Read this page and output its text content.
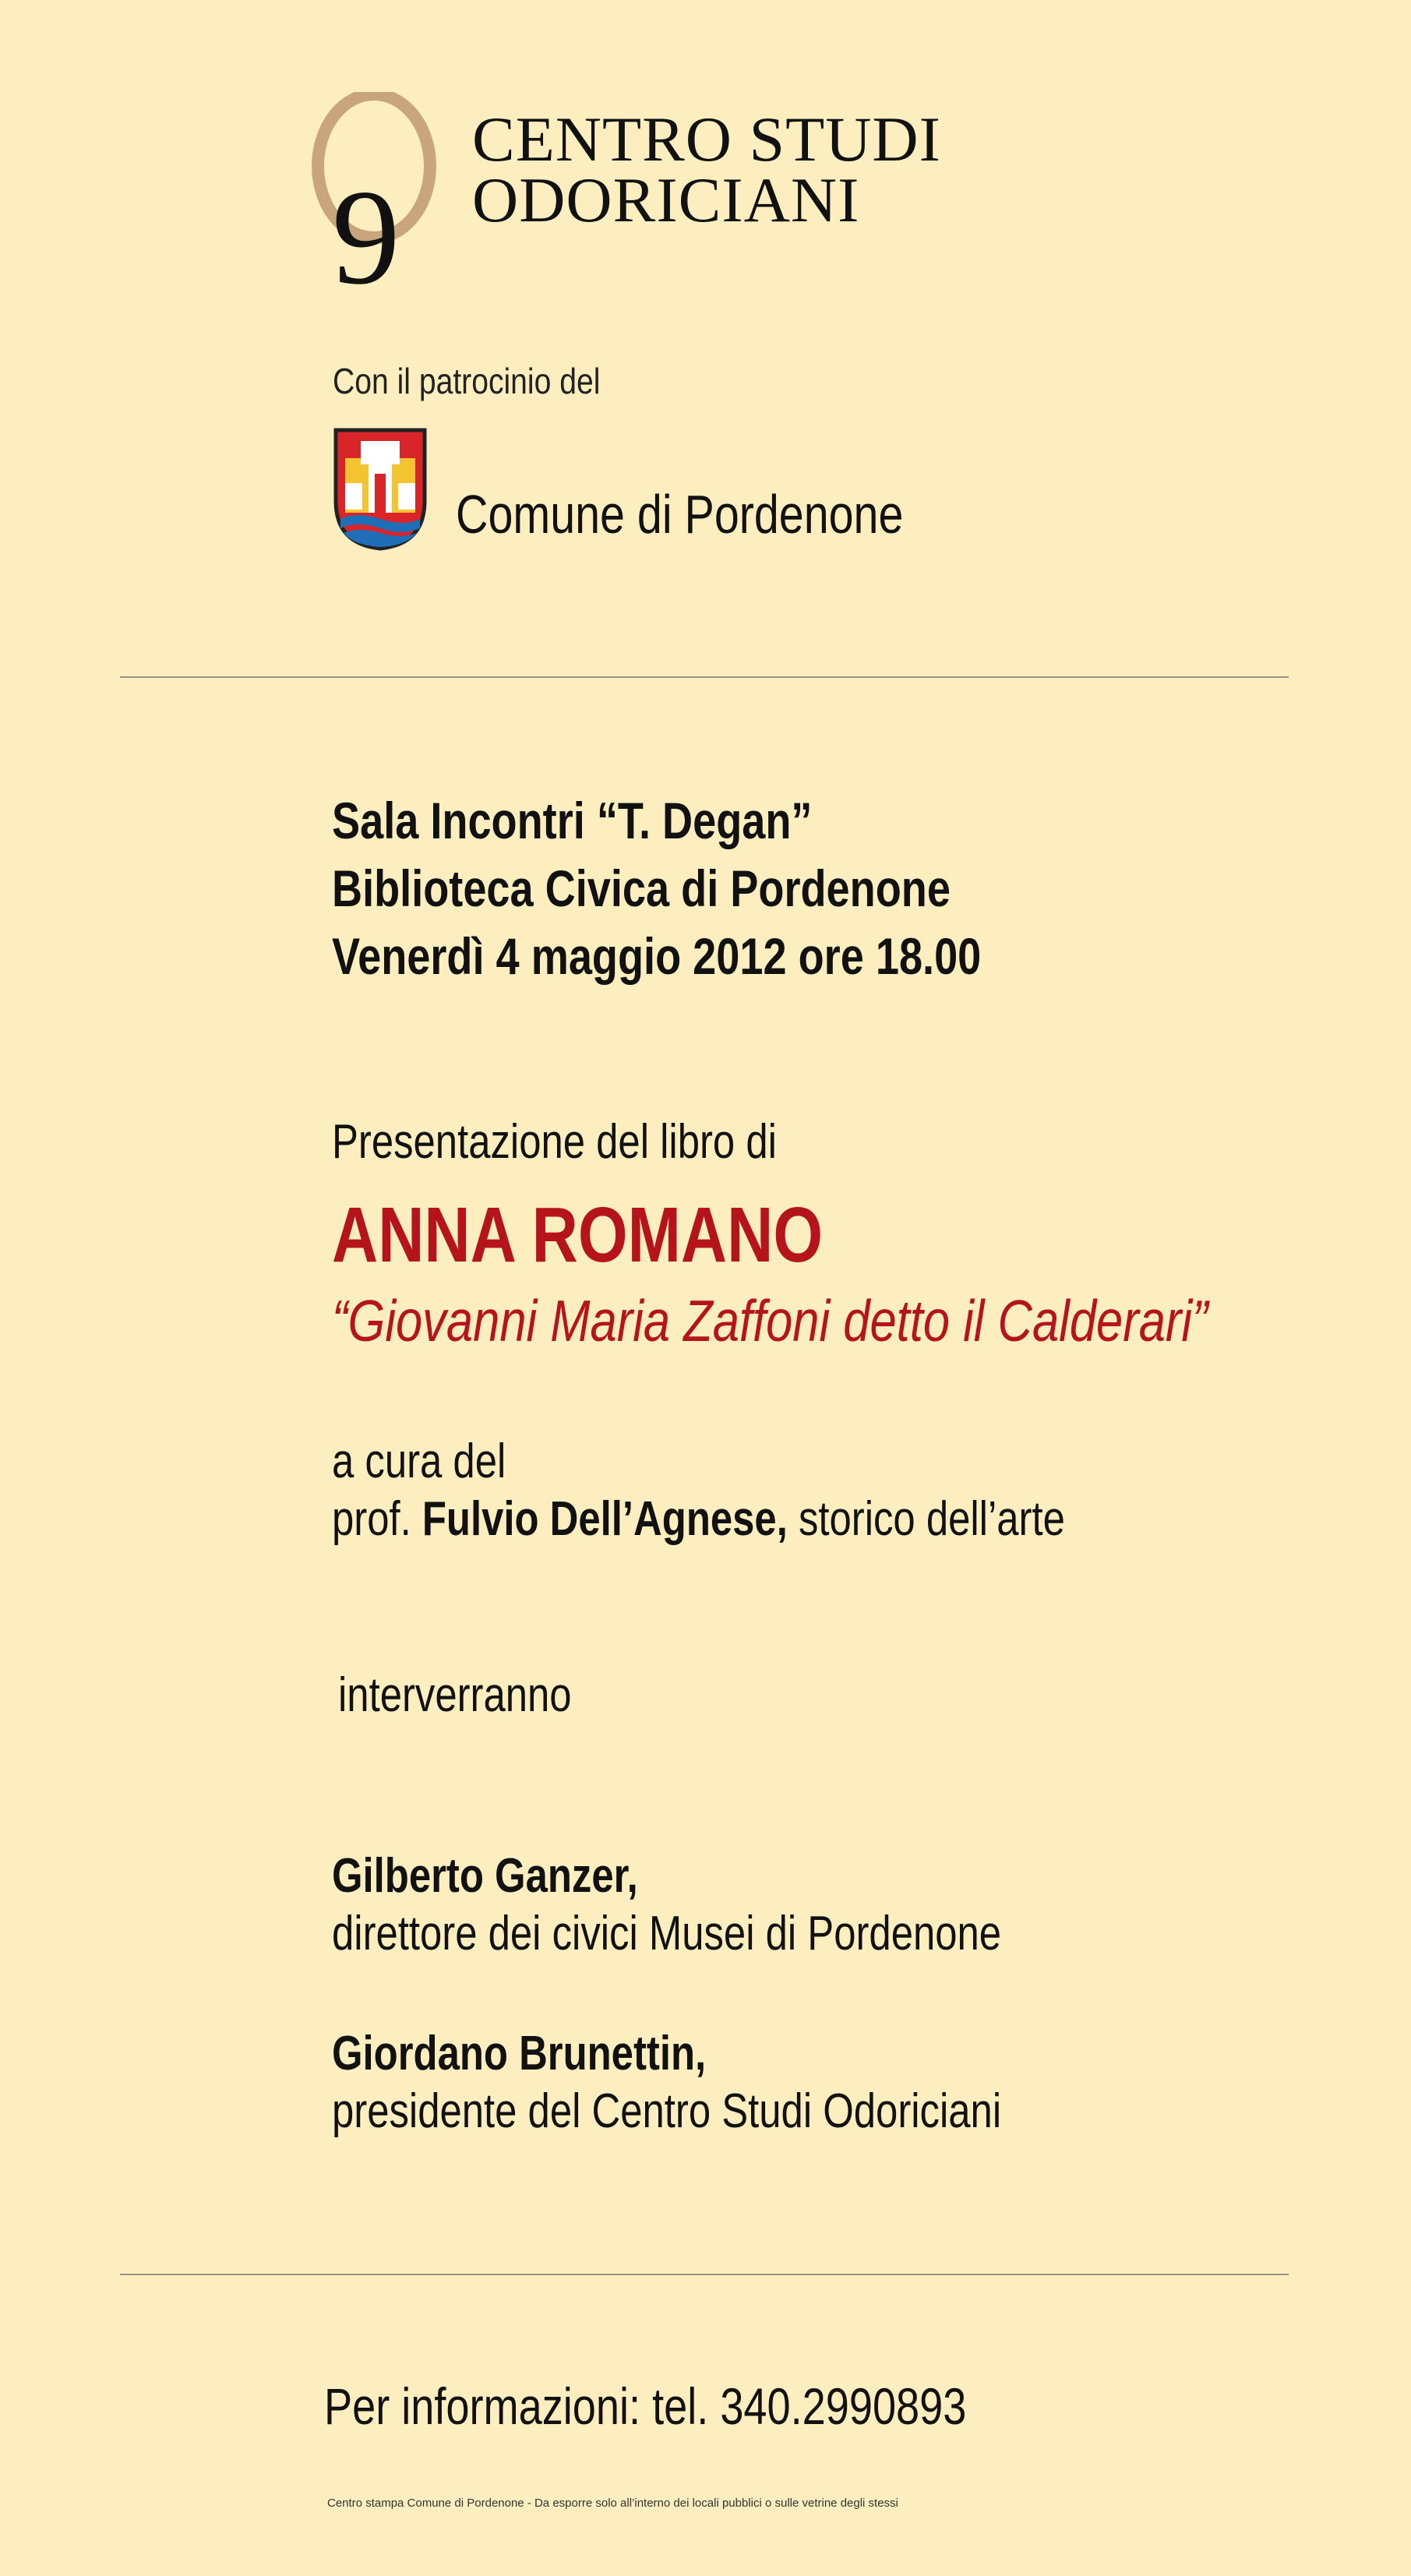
9
CENTRO STUDI
ODORICIANI
Con il patrocinio del
Comune di Pordenone
Sala Incontri “T. Degan”
Biblioteca Civica di Pordenone
Venerdì 4 maggio 2012 ore 18.00
Presentazione del libro di
ANNA ROMANO
“Giovanni Maria Zaffoni detto il Calderari”
a cura del
prof. Fulvio Dell’Agnese, storico dell’arte
interverranno
Gilberto Ganzer,
direttore dei civici Musei di Pordenone
Giordano Brunettin,
presidente del Centro Studi Odoriciani
Per informazioni: tel. 340.2990893
Centro stampa Comune di Pordenone - Da esporre solo all’interno dei locali pubblici o sulle vetrine degli stessi
